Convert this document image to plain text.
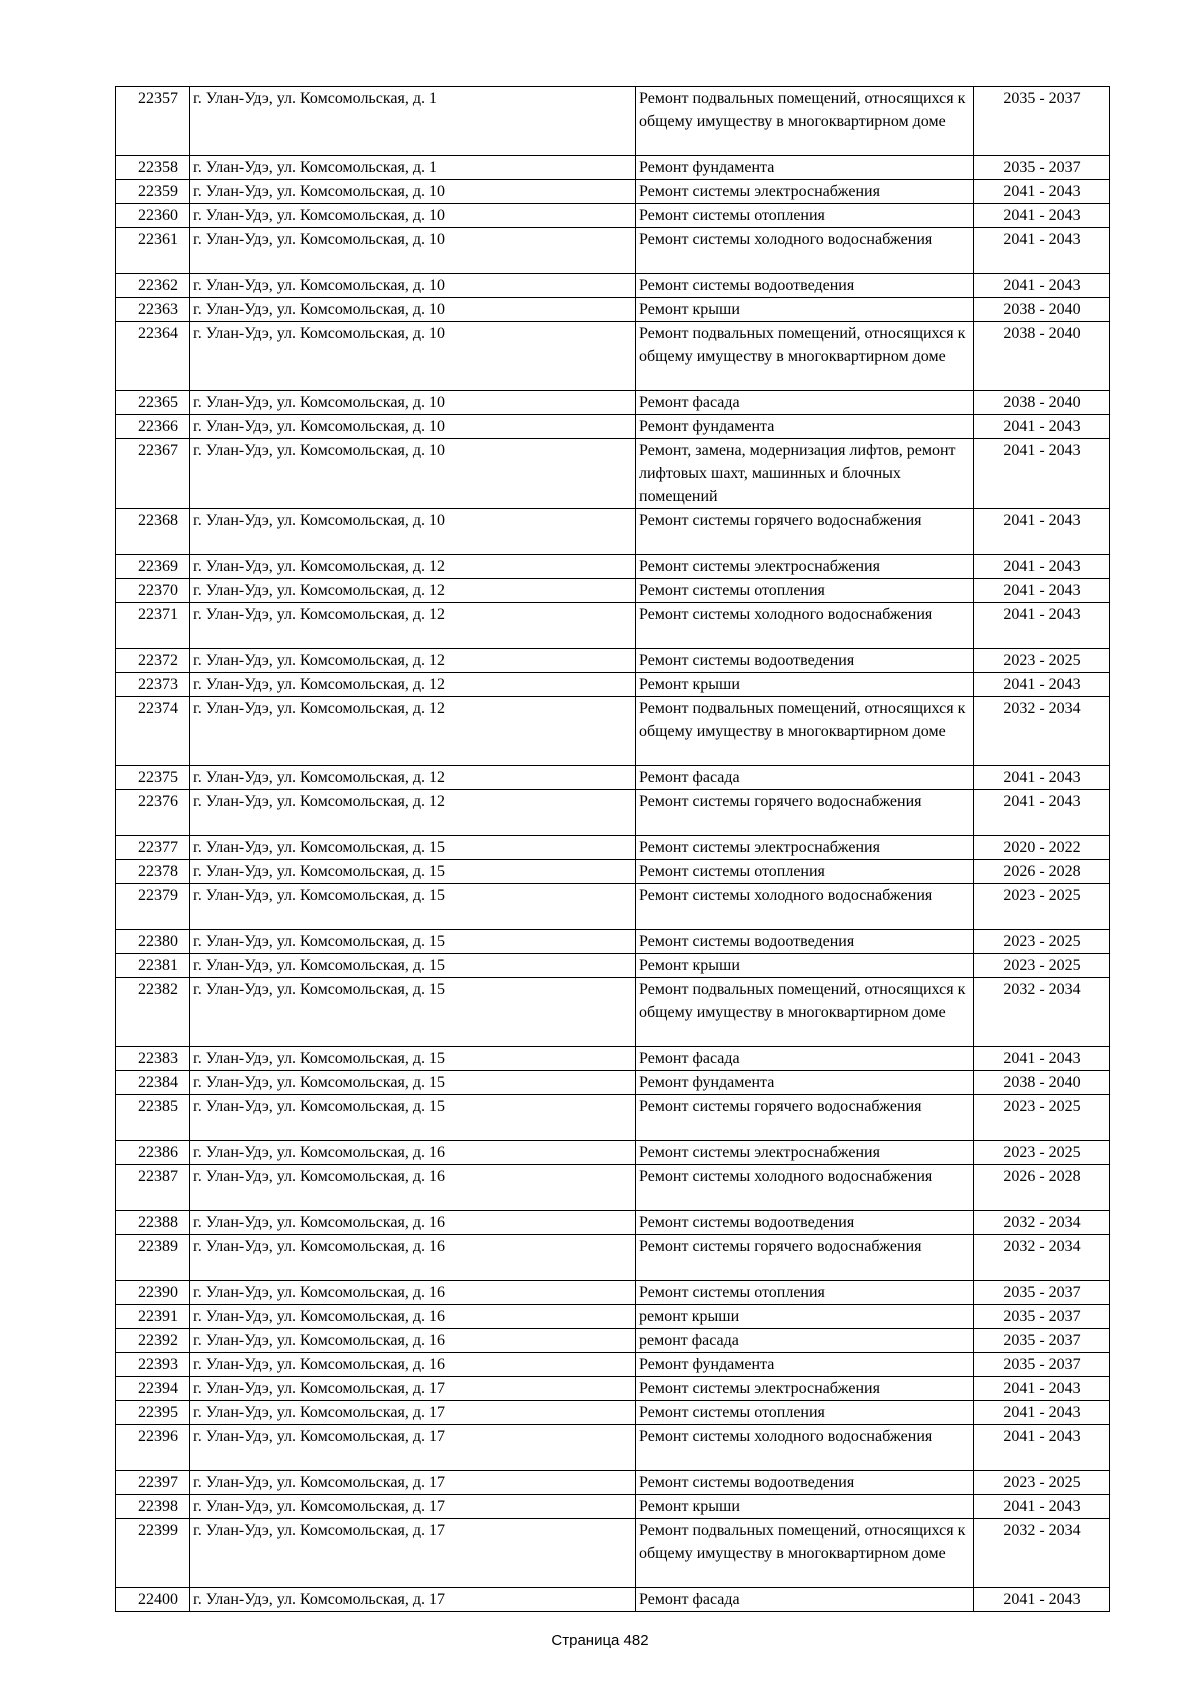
22357	г. Улан-Удэ, ул. Комсомольская, д. 1	Ремонт подвальных помещений, относящихся к общему имуществу в многоквартирном доме	2035 - 2037
22358	г. Улан-Удэ, ул. Комсомольская, д. 1	Ремонт фундамента	2035 - 2037
22359	г. Улан-Удэ, ул. Комсомольская, д. 10	Ремонт системы электроснабжения	2041 - 2043
22360	г. Улан-Удэ, ул. Комсомольская, д. 10	Ремонт системы отопления	2041 - 2043
22361	г. Улан-Удэ, ул. Комсомольская, д. 10	Ремонт системы холодного водоснабжения	2041 - 2043
22362	г. Улан-Удэ, ул. Комсомольская, д. 10	Ремонт системы водоотведения	2041 - 2043
22363	г. Улан-Удэ, ул. Комсомольская, д. 10	Ремонт крыши	2038 - 2040
22364	г. Улан-Удэ, ул. Комсомольская, д. 10	Ремонт подвальных помещений, относящихся к общему имуществу в многоквартирном доме	2038 - 2040
22365	г. Улан-Удэ, ул. Комсомольская, д. 10	Ремонт фасада	2038 - 2040
22366	г. Улан-Удэ, ул. Комсомольская, д. 10	Ремонт фундамента	2041 - 2043
22367	г. Улан-Удэ, ул. Комсомольская, д. 10	Ремонт, замена, модернизация лифтов, ремонт лифтовых шахт, машинных и блочных помещений	2041 - 2043
22368	г. Улан-Удэ, ул. Комсомольская, д. 10	Ремонт системы горячего водоснабжения	2041 - 2043
22369	г. Улан-Удэ, ул. Комсомольская, д. 12	Ремонт системы электроснабжения	2041 - 2043
22370	г. Улан-Удэ, ул. Комсомольская, д. 12	Ремонт системы отопления	2041 - 2043
22371	г. Улан-Удэ, ул. Комсомольская, д. 12	Ремонт системы холодного водоснабжения	2041 - 2043
22372	г. Улан-Удэ, ул. Комсомольская, д. 12	Ремонт системы водоотведения	2023 - 2025
22373	г. Улан-Удэ, ул. Комсомольская, д. 12	Ремонт крыши	2041 - 2043
22374	г. Улан-Удэ, ул. Комсомольская, д. 12	Ремонт подвальных помещений, относящихся к общему имуществу в многоквартирном доме	2032 - 2034
22375	г. Улан-Удэ, ул. Комсомольская, д. 12	Ремонт фасада	2041 - 2043
22376	г. Улан-Удэ, ул. Комсомольская, д. 12	Ремонт системы горячего водоснабжения	2041 - 2043
22377	г. Улан-Удэ, ул. Комсомольская, д. 15	Ремонт системы электроснабжения	2020 - 2022
22378	г. Улан-Удэ, ул. Комсомольская, д. 15	Ремонт системы отопления	2026 - 2028
22379	г. Улан-Удэ, ул. Комсомольская, д. 15	Ремонт системы холодного водоснабжения	2023 - 2025
22380	г. Улан-Удэ, ул. Комсомольская, д. 15	Ремонт системы водоотведения	2023 - 2025
22381	г. Улан-Удэ, ул. Комсомольская, д. 15	Ремонт крыши	2023 - 2025
22382	г. Улан-Удэ, ул. Комсомольская, д. 15	Ремонт подвальных помещений, относящихся к общему имуществу в многоквартирном доме	2032 - 2034
22383	г. Улан-Удэ, ул. Комсомольская, д. 15	Ремонт фасада	2041 - 2043
22384	г. Улан-Удэ, ул. Комсомольская, д. 15	Ремонт фундамента	2038 - 2040
22385	г. Улан-Удэ, ул. Комсомольская, д. 15	Ремонт системы горячего водоснабжения	2023 - 2025
22386	г. Улан-Удэ, ул. Комсомольская, д. 16	Ремонт системы электроснабжения	2023 - 2025
22387	г. Улан-Удэ, ул. Комсомольская, д. 16	Ремонт системы холодного водоснабжения	2026 - 2028
22388	г. Улан-Удэ, ул. Комсомольская, д. 16	Ремонт системы водоотведения	2032 - 2034
22389	г. Улан-Удэ, ул. Комсомольская, д. 16	Ремонт системы горячего водоснабжения	2032 - 2034
22390	г. Улан-Удэ, ул. Комсомольская, д. 16	Ремонт системы отопления	2035 - 2037
22391	г. Улан-Удэ, ул. Комсомольская, д. 16	ремонт крыши	2035 - 2037
22392	г. Улан-Удэ, ул. Комсомольская, д. 16	ремонт фасада	2035 - 2037
22393	г. Улан-Удэ, ул. Комсомольская, д. 16	Ремонт фундамента	2035 - 2037
22394	г. Улан-Удэ, ул. Комсомольская, д. 17	Ремонт системы электроснабжения	2041 - 2043
22395	г. Улан-Удэ, ул. Комсомольская, д. 17	Ремонт системы отопления	2041 - 2043
22396	г. Улан-Удэ, ул. Комсомольская, д. 17	Ремонт системы холодного водоснабжения	2041 - 2043
22397	г. Улан-Удэ, ул. Комсомольская, д. 17	Ремонт системы водоотведения	2023 - 2025
22398	г. Улан-Удэ, ул. Комсомольская, д. 17	Ремонт крыши	2041 - 2043
22399	г. Улан-Удэ, ул. Комсомольская, д. 17	Ремонт подвальных помещений, относящихся к общему имуществу в многоквартирном доме	2032 - 2034
22400	г. Улан-Удэ, ул. Комсомольская, д. 17	Ремонт фасада	2041 - 2043
Страница 482
